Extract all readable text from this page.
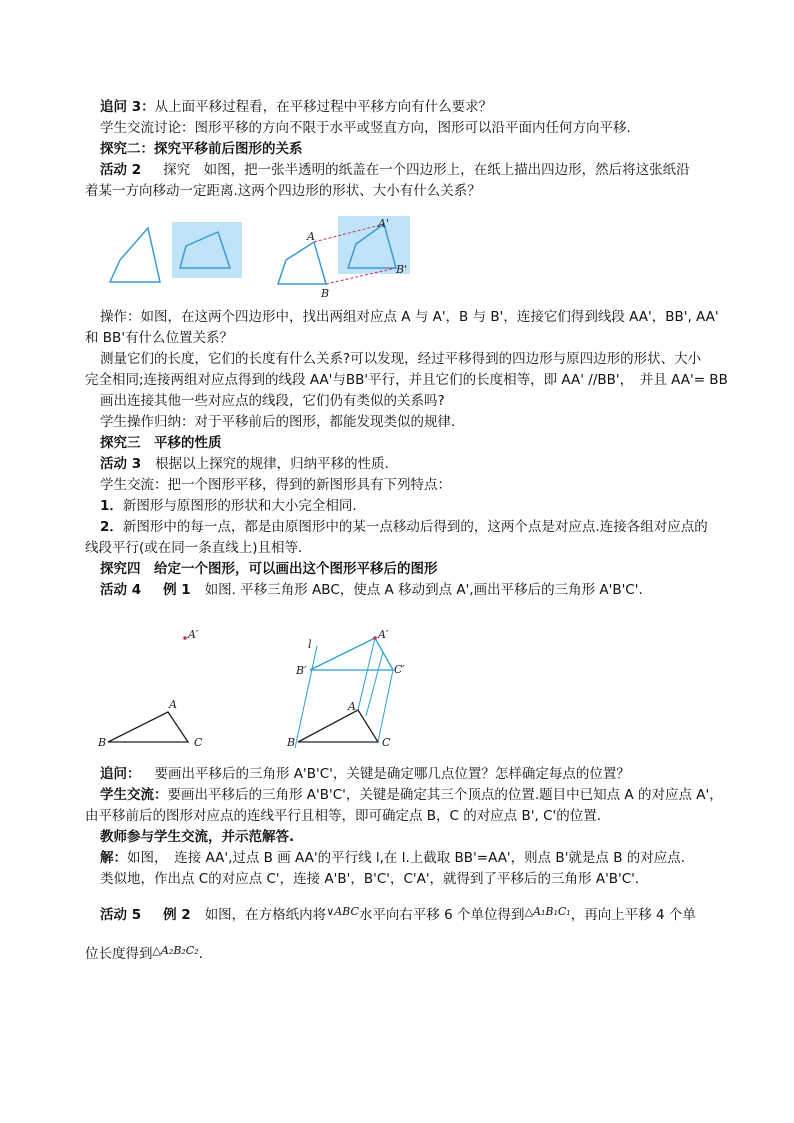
追问 3：从上面平移过程看，在平移过程中平移方向有什么要求？
学生交流讨论：图形平移的方向不限于水平或竖直方向，图形可以沿平面内任何方向平移．
探究二：探究平移前后图形的关系
活动 2 探究　如图，把一张半透明的纸盖在一个四边形上，在纸上描出四边形，然后将这张纸沿
着某一方向移动一定距离.这两个四边形的形状、大小有什么关系？
A
A'
B
B'
操作：如图，在这两个四边形中，找出两组对应点 A 与 A'，B 与 B'，连接它们得到线段 AA'，BB', AA'
和 BB'有什么位置关系？
测量它们的长度，它们的长度有什么关系?可以发现，经过平移得到的四边形与原四边形的形状、大小
完全相同;连接两组对应点得到的线段 AA'与BB'平行，并且它们的长度相等，即 AA' //BB'，　并且 AA'= BB
画出连接其他一些对应点的线段，它们仍有类似的关系吗?
学生操作归纳：对于平移前后的图形，都能发现类似的规律．
探究三　平移的性质
活动 3 根据以上探究的规律，归纳平移的性质．
学生交流：把一个图形平移，得到的新图形具有下列特点：
1．新图形与原图形的形状和大小完全相同．
2．新图形中的每一点，都是由原图形中的某一点移动后得到的，这两个点是对应点.连接各组对应点的
线段平行(或在同一条直线上)且相等．
探究四　给定一个图形，可以画出这个图形平移后的图形
活动 4 例 1 如图. 平移三角形 ABC，使点 A 移动到点 A',画出平移后的三角形 A'B'C'.
A′
A
B	C
l
A′
B′	C′
A
B	C
追问： 要画出平移后的三角形 A'B'C'，关键是确定哪几点位置？怎样确定每点的位置？
学生交流：要画出平移后的三角形 A'B'C'，关键是确定其三个顶点的位置.题目中已知点 A 的对应点 A'，
由平移前后的图形对应点的连线平行且相等，即可确定点 B，C 的对应点 B', C'的位置．
教师参与学生交流，并示范解答.
解：如图，　连接 AA',过点 B 画 AA'的平行线 l,在 l.上截取 BB'=AA'，则点 B'就是点 B 的对应点．
类似地，作出点 C的对应点 C'，连接 A'B'，B'C'，C'A'，就得到了平移后的三角形 A'B'C'．
活动 5 例 2 如图，在方格纸内将$^{\vee ABC}$水平向右平移 6 个单位得到$^{\triangle A_1B_1C_1}$，再向上平移 4 个单
位长度得到$^{\triangle A_2B_2C_2}$.
